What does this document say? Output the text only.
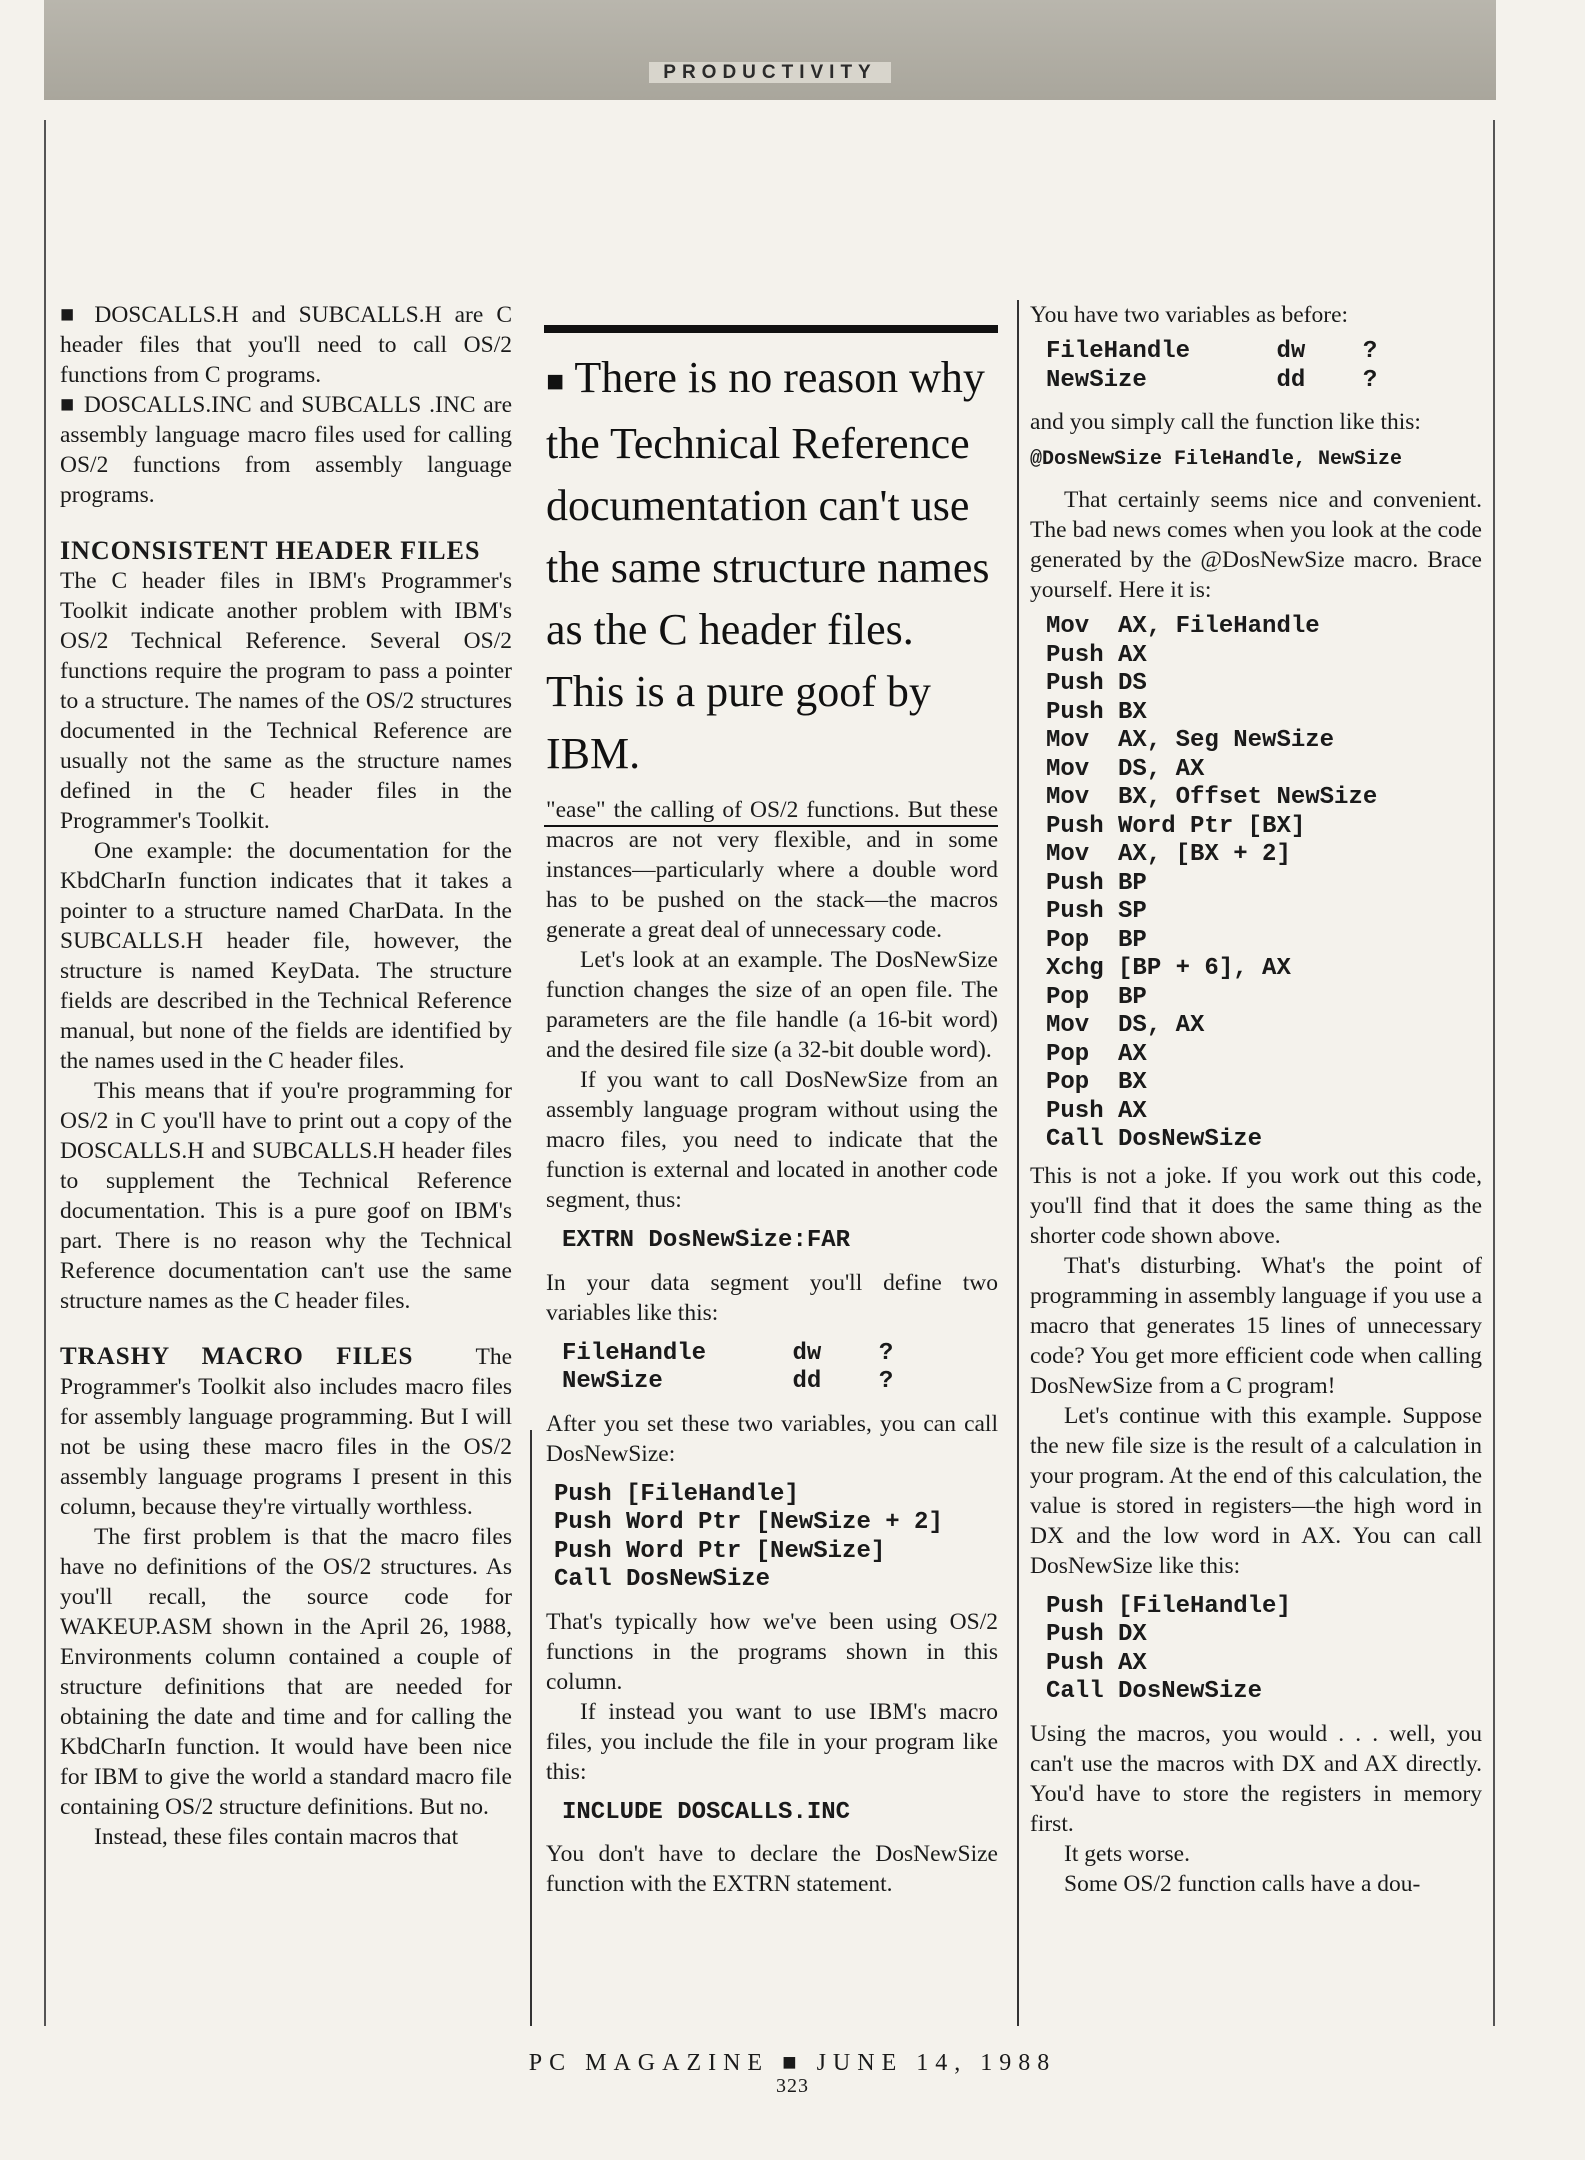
PRODUCTIVITY

■ DOSCALLS.H and SUBCALLS.H are C header files that you'll need to call OS/2 functions from C programs.

■ DOSCALLS.INC and SUBCALLS .INC are assembly language macro files used for calling OS/2 functions from assembly language programs.

INCONSISTENT HEADER FILES

The C header files in IBM's Programmer's Toolkit indicate another problem with IBM's OS/2 Technical Reference. Several OS/2 functions require the program to pass a pointer to a structure. The names of the OS/2 structures documented in the Technical Reference are usually not the same as the structure names defined in the C header files in the Programmer's Toolkit.

One example: the documentation for the KbdCharIn function indicates that it takes a pointer to a structure named CharData. In the SUBCALLS.H header file, however, the structure is named KeyData. The structure fields are described in the Technical Reference manual, but none of the fields are identified by the names used in the C header files.

This means that if you're programming for OS/2 in C you'll have to print out a copy of the DOSCALLS.H and SUBCALLS.H header files to supplement the Technical Reference documentation. This is a pure goof on IBM's part. There is no reason why the Technical Reference documentation can't use the same structure names as the C header files.

TRASHY MACRO FILES	The Programmer's Toolkit also includes macro files for assembly language programming. But I will not be using these macro files in the OS/2 assembly language programs I present in this column, because they're virtually worthless.

The first problem is that the macro files have no definitions of the OS/2 structures. As you'll recall, the source code for WAKEUP.ASM shown in the April 26, 1988, Environments column contained a couple of structure definitions that are needed for obtaining the date and time and for calling the KbdCharIn function. It would have been nice for IBM to give the world a standard macro file containing OS/2 structure definitions. But no.

Instead, these files contain macros that

■ There is no reason why the Technical Reference documentation can't use the same structure names as the C header files. This is a pure goof by IBM.

"ease" the calling of OS/2 functions. But these macros are not very flexible, and in some instances—particularly where a double word has to be pushed on the stack—the macros generate a great deal of unnecessary code.

Let's look at an example. The DosNewSize function changes the size of an open file. The parameters are the file handle (a 16-bit word) and the desired file size (a 32-bit double word).

If you want to call DosNewSize from an assembly language program without using the macro files, you need to indicate that the function is external and located in another code segment, thus:

EXTRN DosNewSize:FAR

In your data segment you'll define two variables like this:

FileHandle      dw    ?
NewSize         dd    ?

After you set these two variables, you can call DosNewSize:

Push [FileHandle]
Push Word Ptr [NewSize + 2]
Push Word Ptr [NewSize]
Call DosNewSize

That's typically how we've been using OS/2 functions in the programs shown in this column.

If instead you want to use IBM's macro files, you include the file in your program like this:

INCLUDE DOSCALLS.INC

You don't have to declare the DosNewSize function with the EXTRN statement.

You have two variables as before:

FileHandle      dw    ?
NewSize         dd    ?

and you simply call the function like this:

@DosNewSize FileHandle, NewSize

That certainly seems nice and convenient. The bad news comes when you look at the code generated by the @DosNewSize macro. Brace yourself. Here it is:

Mov  AX, FileHandle
Push AX
Push DS
Push BX
Mov  AX, Seg NewSize
Mov  DS, AX
Mov  BX, Offset NewSize
Push Word Ptr [BX]
Mov  AX, [BX + 2]
Push BP
Push SP
Pop  BP
Xchg [BP + 6], AX
Pop  BP
Mov  DS, AX
Pop  AX
Pop  BX
Push AX
Call DosNewSize

This is not a joke. If you work out this code, you'll find that it does the same thing as the shorter code shown above.

That's disturbing. What's the point of programming in assembly language if you use a macro that generates 15 lines of unnecessary code? You get more efficient code when calling DosNewSize from a C program!

Let's continue with this example. Suppose the new file size is the result of a calculation in your program. At the end of this calculation, the value is stored in registers—the high word in DX and the low word in AX. You can call DosNewSize like this:

Push [FileHandle]
Push DX
Push AX
Call DosNewSize

Using the macros, you would . . . well, you can't use the macros with DX and AX directly. You'd have to store the registers in memory first.

It gets worse.

Some OS/2 function calls have a dou-

PC MAGAZINE ■ JUNE 14, 1988
323
